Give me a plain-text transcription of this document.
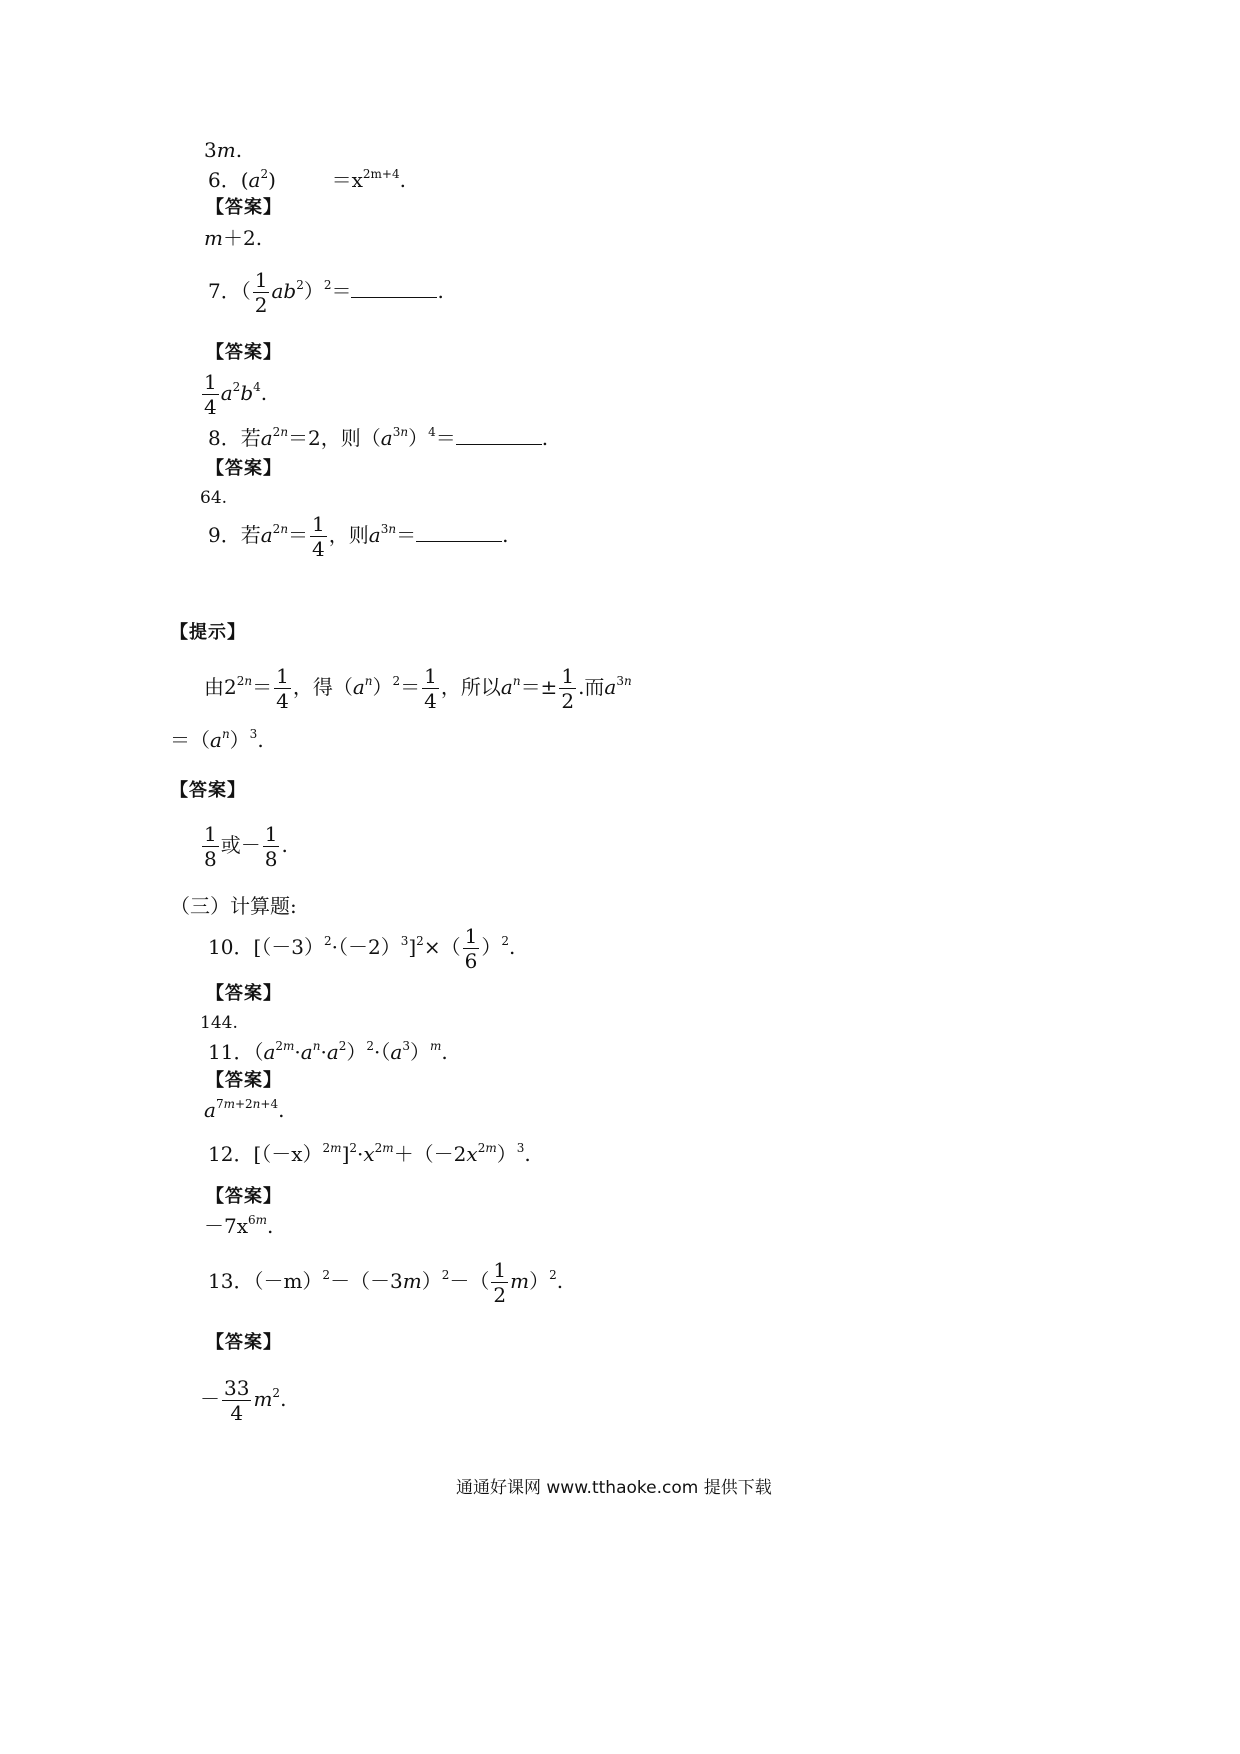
3m.
6．$(a^2)$	$=x^{2m+4}$.
【答案】
m＋2.
7．（ $\frac{1}{2} ab^2)^2=$	.
【答案】
$\frac{1}{4} a^2b^4$.
8．若$a^{2n}=2$，则$(a^{3n})^4=$	.
【答案】
64.
9．若$a^{2n}= \frac{1}{4}$ ，则$a^{3n}=$	.
【提示】
由$2^{2n}= \frac{1}{4}$ ，得$(a^n)^2= \frac{1}{4}$ ，所以$a^n=\pm \frac{1}{2}$ .而$a^{3n}$
$=(a^n)^3$.
【答案】
$\frac{1}{8}$ 或－ $\frac{1}{8}$ .
（三）计算题:
10．$[(-3)^2\cdot(-2)^3]^2\times( \frac{1}{6} )^2$.
【答案】
144.
11．$(a^{2m}\cdot a^n\cdot a^2)^2\cdot(a^3)^m$.
【答案】
$a^{7m+2n+4}$.
12．$[(-x)^{2m}]^2\cdot x^{2m}+(-2x^{2m})^3$.
【答案】
$-7x^{6m}$.
13．$(-m)^2-(-3m)^2-( \frac{1}{2} m)^2$.
【答案】
－ $\frac{33}{4} m^2$.
通通好课网 www.tthaoke.com 提供下载
